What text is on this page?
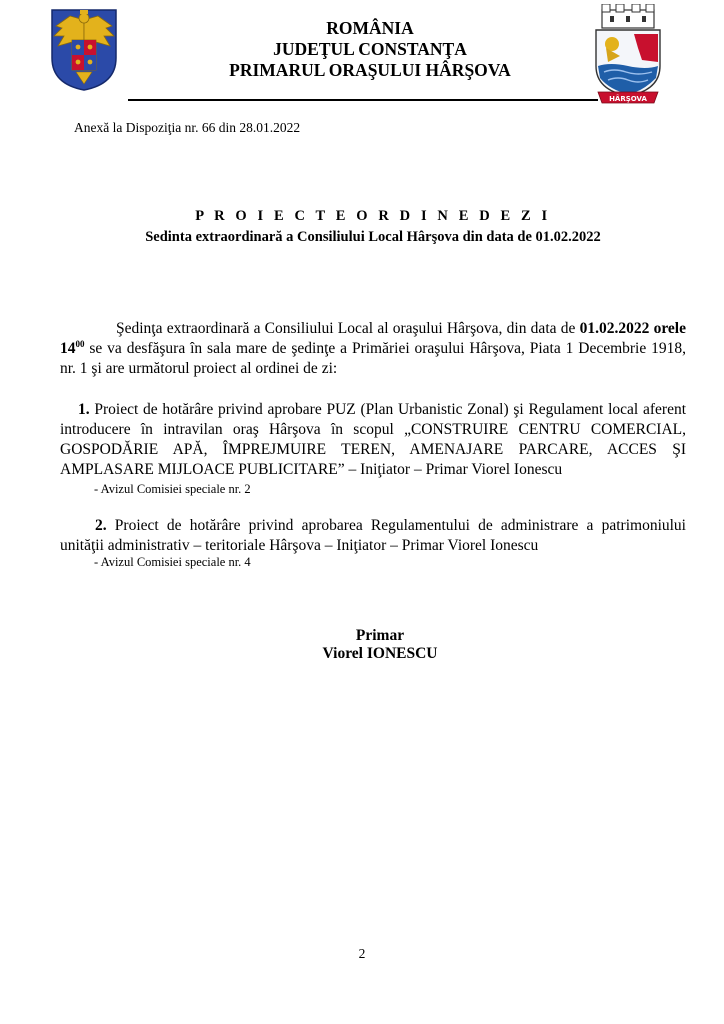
ROMÂNIA
JUDEŢUL CONSTANŢA
PRIMARUL ORAŞULUI HÂRŞOVA
HÂRŞOVA
Anexă la Dispoziţia nr. 66 din 28.01.2022
P R O I E C T E O R D I N E D E Z I
Sedinta extraordinară a Consiliului Local Hârşova din data de 01.02.2022
Şedinţa extraordinară a Consiliului Local al oraşului Hârşova, din data de 01.02.2022 orele $14^{00}$ se va desfăşura în sala mare de şedinţe a Primăriei oraşului Hârşova, Piata 1 Decembrie 1918, nr. 1 şi are următorul proiect al ordinei de zi:
1. Proiect de hotărâre privind aprobare PUZ (Plan Urbanistic Zonal) şi Regulament local aferent introducere în intravilan oraş Hârşova în scopul „CONSTRUIRE CENTRU COMERCIAL, GOSPODĂRIE APĂ, ÎMPREJMUIRE TEREN, AMENAJARE PARCARE, ACCES ŞI AMPLASARE MIJLOACE PUBLICITARE” – Iniţiator – Primar Viorel Ionescu
- Avizul Comisiei speciale nr. 2
2. Proiect de hotărâre privind aprobarea Regulamentului de administrare a patrimoniului unităţii administrativ – teritoriale Hârşova – Iniţiator – Primar Viorel Ionescu
- Avizul Comisiei speciale nr. 4
Primar
Viorel IONESCU
2
